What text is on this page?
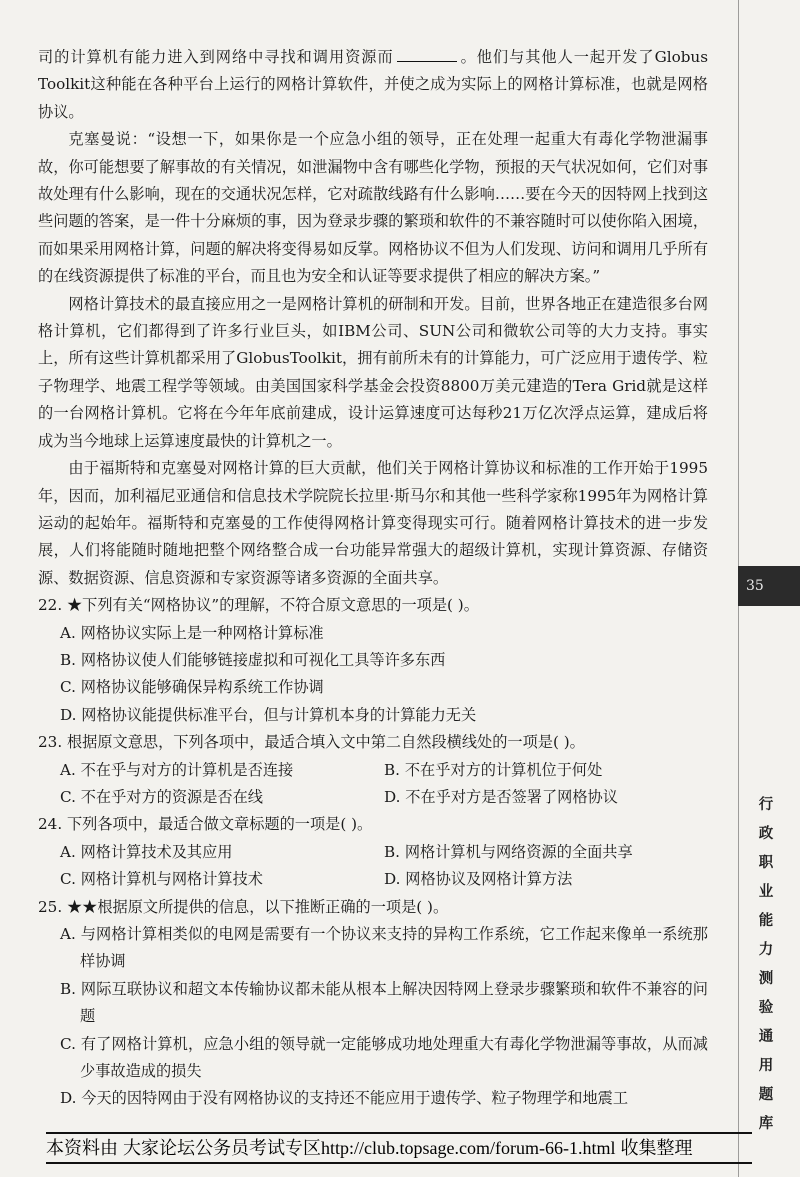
司的计算机有能力进入到网络中寻找和调用资源而	。他们与其他人一起开发了Globus Toolkit这种能在各种平台上运行的网格计算软件，并使之成为实际上的网格计算标准，也就是网格协议。

克塞曼说：“设想一下，如果你是一个应急小组的领导，正在处理一起重大有毒化学物泄漏事故，你可能想要了解事故的有关情况，如泄漏物中含有哪些化学物，预报的天气状况如何，它们对事故处理有什么影响，现在的交通状况怎样，它对疏散线路有什么影响……要在今天的因特网上找到这些问题的答案，是一件十分麻烦的事，因为登录步骤的繁琐和软件的不兼容随时可以使你陷入困境，而如果采用网格计算，问题的解决将变得易如反掌。网格协议不但为人们发现、访问和调用几乎所有的在线资源提供了标准的平台，而且也为安全和认证等要求提供了相应的解决方案。”

网格计算技术的最直接应用之一是网格计算机的研制和开发。目前，世界各地正在建造很多台网格计算机，它们都得到了许多行业巨头，如IBM公司、SUN公司和微软公司等的大力支持。事实上，所有这些计算机都采用了GlobusToolkit，拥有前所未有的计算能力，可广泛应用于遗传学、粒子物理学、地震工程学等领域。由美国国家科学基金会投资8800万美元建造的Tera Grid就是这样的一台网格计算机。它将在今年年底前建成，设计运算速度可达每秒21万亿次浮点运算，建成后将成为当今地球上运算速度最快的计算机之一。

由于福斯特和克塞曼对网格计算的巨大贡献，他们关于网格计算协议和标准的工作开始于1995年，因而，加利福尼亚通信和信息技术学院院长拉里·斯马尔和其他一些科学家称1995年为网格计算运动的起始年。福斯特和克塞曼的工作使得网格计算变得现实可行。随着网格计算技术的进一步发展，人们将能随时随地把整个网络整合成一台功能异常强大的超级计算机，实现计算资源、存储资源、数据资源、信息资源和专家资源等诸多资源的全面共享。

22. ★下列有关“网格协议”的理解，不符合原文意思的一项是( )。

A. 网格协议实际上是一种网格计算标准

B. 网格协议使人们能够链接虚拟和可视化工具等许多东西

C. 网格协议能够确保异构系统工作协调

D. 网格协议能提供标准平台，但与计算机本身的计算能力无关

23. 根据原文意思，下列各项中，最适合填入文中第二自然段横线处的一项是( )。

A. 不在乎与对方的计算机是否连接	B. 不在乎对方的计算机位于何处
C. 不在乎对方的资源是否在线	D. 不在乎对方是否签署了网格协议

24. 下列各项中，最适合做文章标题的一项是( )。

A. 网格计算技术及其应用	B. 网格计算机与网络资源的全面共享
C. 网格计算机与网格计算技术	D. 网格协议及网格计算方法

25. ★★根据原文所提供的信息，以下推断正确的一项是( )。

A. 与网格计算相类似的电网是需要有一个协议来支持的异构工作系统，它工作起来像单一系统那样协调

B. 网际互联协议和超文本传输协议都未能从根本上解决因特网上登录步骤繁琐和软件不兼容的问题

C. 有了网格计算机，应急小组的领导就一定能够成功地处理重大有毒化学物泄漏等事故，从而减少事故造成的损失

D. 今天的因特网由于没有网格协议的支持还不能应用于遗传学、粒子物理学和地震工

35
行
政
职
业
能
力
测
验
通
用
题
库
本资料由 大家论坛公务员考试专区http://club.topsage.com/forum-66-1.html 收集整理
